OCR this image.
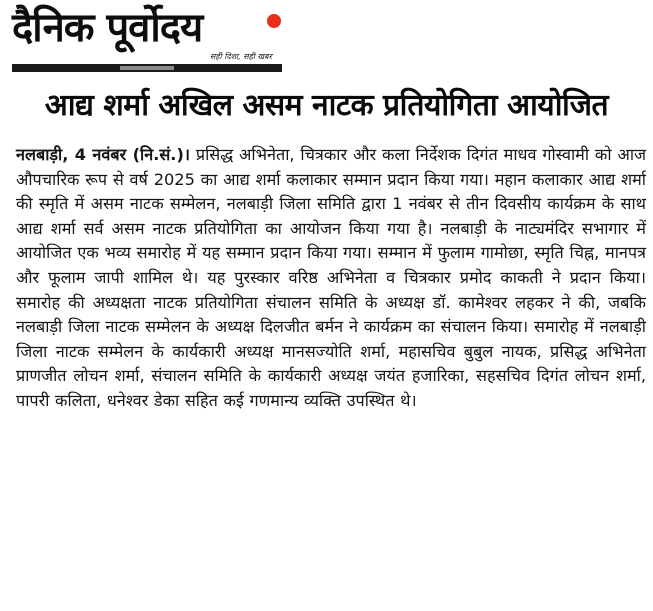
दैनिक पूर्वोदय
सही दिशा, सही खबर
आद्य शर्मा अखिल असम नाटक प्रतियोगिता आयोजित

नलबाड़ी, 4 नवंबर (नि.सं.)। प्रसिद्ध अभिनेता, चित्रकार और कला निर्देशक दिगंत माधव गोस्वामी को आज औपचारिक रूप से वर्ष 2025 का आद्य शर्मा कलाकार सम्मान प्रदान किया गया। महान कलाकार आद्य शर्मा की स्मृति में असम नाटक सम्मेलन, नलबाड़ी जिला समिति द्वारा 1 नवंबर से तीन दिवसीय कार्यक्रम के साथ आद्य शर्मा सर्व असम नाटक प्रतियोगिता का आयोजन किया गया है। नलबाड़ी के नाट्यमंदिर सभागार में आयोजित एक भव्य समारोह में यह सम्मान प्रदान किया गया। सम्मान में फुलाम गामोछा, स्मृति चिह्न, मानपत्र और फूलाम जापी शामिल थे। यह पुरस्कार वरिष्ठ अभिनेता व चित्रकार प्रमोद काकती ने प्रदान किया। समारोह की अध्यक्षता नाटक प्रतियोगिता संचालन समिति के अध्यक्ष डॉ. कामेश्वर लहकर ने की, जबकि नलबाड़ी जिला नाटक सम्मेलन के अध्यक्ष दिलजीत बर्मन ने कार्यक्रम का संचालन किया। समारोह में नलबाड़ी जिला नाटक सम्मेलन के कार्यकारी अध्यक्ष मानसज्योति शर्मा, महासचिव बुबुल नायक, प्रसिद्ध अभिनेता प्राणजीत लोचन शर्मा, संचालन समिति के कार्यकारी अध्यक्ष जयंत हजारिका, सहसचिव दिगंत लोचन शर्मा, पापरी कलिता, धनेश्वर डेका सहित कई गणमान्य व्यक्ति उपस्थित थे।
